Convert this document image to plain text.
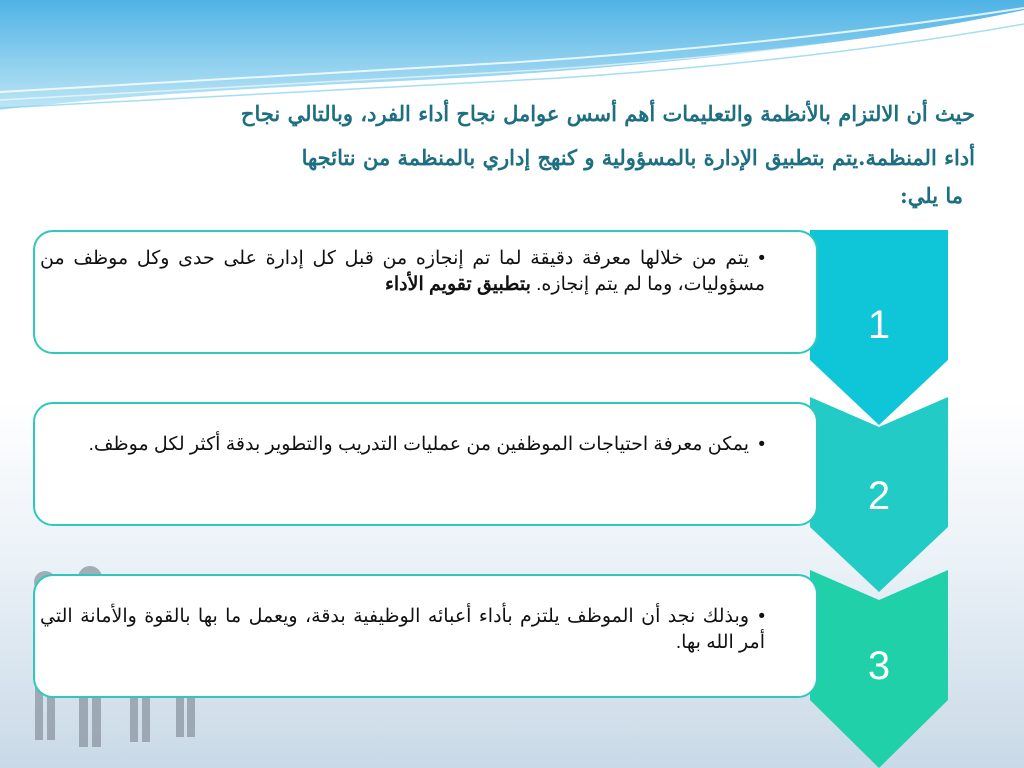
حيث أن الالتزام بالأنظمة والتعليمات أهم أسس عوامل نجاح أداء الفرد، وبالتالي نجاح
أداء المنظمة.يتم بتطبيق الإدارة بالمسؤولية و كنهج إداري بالمنظمة من نتائجها
ما يلي:
•يتم من خلالها معرفة دقيقة لما تم إنجازه من قبل كل إدارة على حدى وكل موظف من مسؤوليات، وما لم يتم إنجازه. بتطبيق تقويم الأداء
1
•يمكن معرفة احتياجات الموظفين من عمليات التدريب والتطوير بدقة أكثر لكل موظف.
2
•وبذلك نجد أن الموظف يلتزم بأداء أعبائه الوظيفية بدقة، ويعمل ما بها بالقوة والأمانة التي أمر الله بها.
3
